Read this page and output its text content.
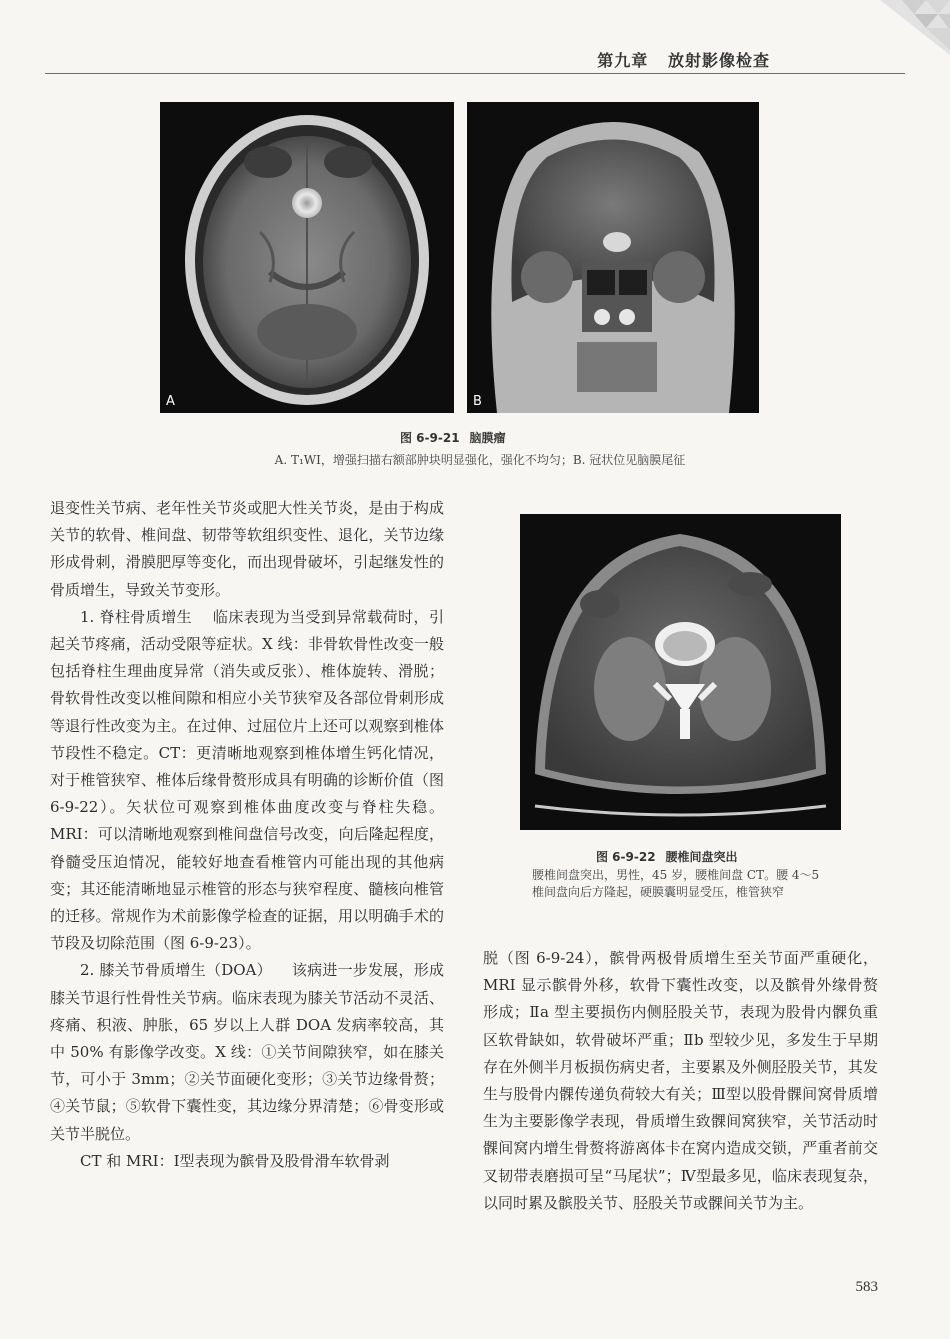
第九章 放射影像检查
A	B
图 6-9-21 脑膜瘤
A. T₁WI，增强扫描右额部肿块明显强化，强化不均匀；B. 冠状位见脑膜尾征
图 6-9-22 腰椎间盘突出
腰椎间盘突出，男性，45 岁，腰椎间盘 CT。腰 4～5 椎间盘向后方隆起，硬膜囊明显受压，椎管狭窄

退变性关节病、老年性关节炎或肥大性关节炎，是由于构成关节的软骨、椎间盘、韧带等软组织变性、退化，关节边缘形成骨刺，滑膜肥厚等变化，而出现骨破坏，引起继发性的骨质增生，导致关节变形。

1. 脊柱骨质增生 临床表现为当受到异常载荷时，引起关节疼痛，活动受限等症状。X 线：非骨软骨性改变一般包括脊柱生理曲度异常（消失或反张）、椎体旋转、滑脱；骨软骨性改变以椎间隙和相应小关节狭窄及各部位骨刺形成等退行性改变为主。在过伸、过屈位片上还可以观察到椎体节段性不稳定。CT：更清晰地观察到椎体增生钙化情况，对于椎管狭窄、椎体后缘骨赘形成具有明确的诊断价值（图 6-9-22）。矢状位可观察到椎体曲度改变与脊柱失稳。MRI：可以清晰地观察到椎间盘信号改变，向后隆起程度，脊髓受压迫情况，能较好地查看椎管内可能出现的其他病变；其还能清晰地显示椎管的形态与狭窄程度、髓核向椎管的迁移。常规作为术前影像学检查的证据，用以明确手术的节段及切除范围（图 6-9-23）。

2. 膝关节骨质增生（DOA） 该病进一步发展，形成膝关节退行性骨性关节病。临床表现为膝关节活动不灵活、疼痛、积液、肿胀，65 岁以上人群 DOA 发病率较高，其中 50% 有影像学改变。X 线：①关节间隙狭窄，如在膝关节，可小于 3mm；②关节面硬化变形；③关节边缘骨赘；④关节鼠；⑤软骨下囊性变，其边缘分界清楚；⑥骨变形或关节半脱位。

CT 和 MRI：Ⅰ型表现为髌骨及股骨滑车软骨剥

脱（图 6-9-24），髌骨两极骨质增生至关节面严重硬化，MRI 显示髌骨外移，软骨下囊性改变，以及髌骨外缘骨赘形成；Ⅱa 型主要损伤内侧胫股关节，表现为股骨内髁负重区软骨缺如，软骨破坏严重；Ⅱb 型较少见，多发生于早期存在外侧半月板损伤病史者，主要累及外侧胫股关节，其发生与股骨内髁传递负荷较大有关；Ⅲ型以股骨髁间窝骨质增生为主要影像学表现，骨质增生致髁间窝狭窄，关节活动时髁间窝内增生骨赘将游离体卡在窝内造成交锁，严重者前交叉韧带表磨损可呈“马尾状”；Ⅳ型最多见，临床表现复杂，以同时累及髌股关节、胫股关节或髁间关节为主。

583
